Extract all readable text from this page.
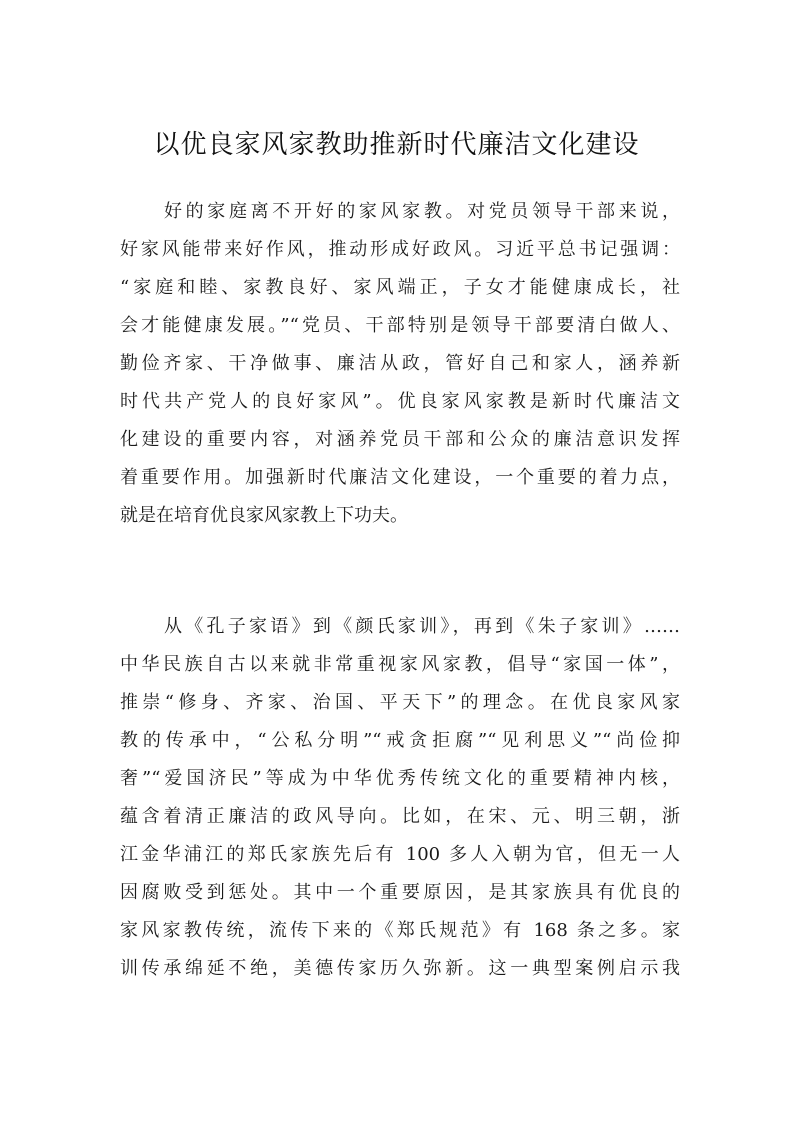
以优良家风家教助推新时代廉洁文化建设
好的家庭离不开好的家风家教。对党员领导干部来说，
好家风能带来好作风，推动形成好政风。习近平总书记强调：
“家庭和睦、家教良好、家风端正，子女才能健康成长，社
会才能健康发展。”“党员、干部特别是领导干部要清白做人、
勤俭齐家、干净做事、廉洁从政，管好自己和家人，涵养新
时代共产党人的良好家风”。优良家风家教是新时代廉洁文
化建设的重要内容，对涵养党员干部和公众的廉洁意识发挥
着重要作用。加强新时代廉洁文化建设，一个重要的着力点，
就是在培育优良家风家教上下功夫。
从《孔子家语》到《颜氏家训》，再到《朱子家训》……
中华民族自古以来就非常重视家风家教，倡导“家国一体”，
推崇“修身、齐家、治国、平天下”的理念。在优良家风家
教的传承中，“公私分明”“戒贪拒腐”“见利思义”“尚俭抑
奢”“爱国济民”等成为中华优秀传统文化的重要精神内核，
蕴含着清正廉洁的政风导向。比如，在宋、元、明三朝，浙
江金华浦江的郑氏家族先后有 100 多人入朝为官，但无一人
因腐败受到惩处。其中一个重要原因，是其家族具有优良的
家风家教传统，流传下来的《郑氏规范》有 168 条之多。家
训传承绵延不绝，美德传家历久弥新。这一典型案例启示我
